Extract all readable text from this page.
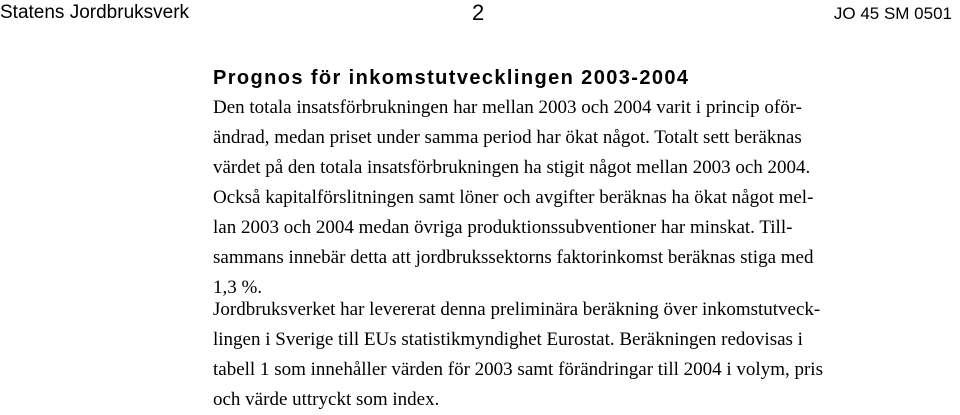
Statens Jordbruksverk	2	JO 45 SM 0501
Prognos för inkomstutvecklingen 2003-2004
Den totala insatsförbrukningen har mellan 2003 och 2004 varit i princip oför-
ändrad, medan priset under samma period har ökat något. Totalt sett beräknas
värdet på den totala insatsförbrukningen ha stigit något mellan 2003 och 2004.
Också kapitalförslitningen samt löner och avgifter beräknas ha ökat något mel-
lan 2003 och 2004 medan övriga produktionssubventioner har minskat. Till-
sammans innebär detta att jordbrukssektorns faktorinkomst beräknas stiga med
1,3 %.
Jordbruksverket har levererat denna preliminära beräkning över inkomstutveck-
lingen i Sverige till EUs statistikmyndighet Eurostat. Beräkningen redovisas i
tabell 1 som innehåller värden för 2003 samt förändringar till 2004 i volym, pris
och värde uttryckt som index.
